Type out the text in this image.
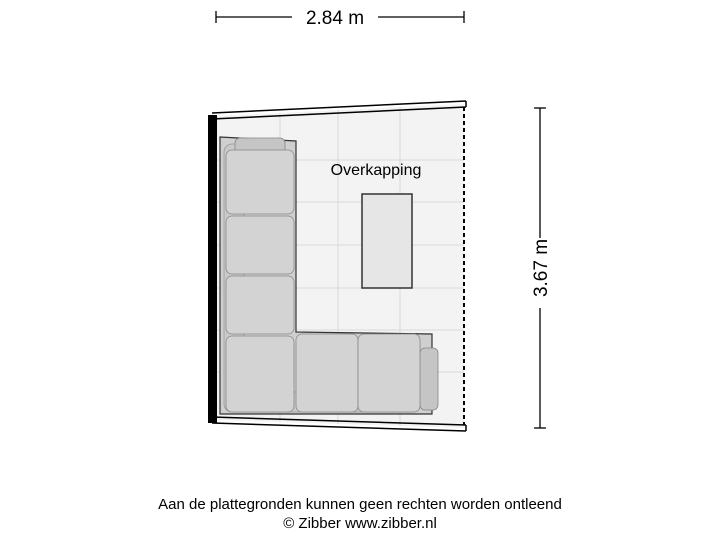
2.84 m
3.67 m
Overkapping
Aan de plattegronden kunnen geen rechten worden ontleend
© Zibber www.zibber.nl
